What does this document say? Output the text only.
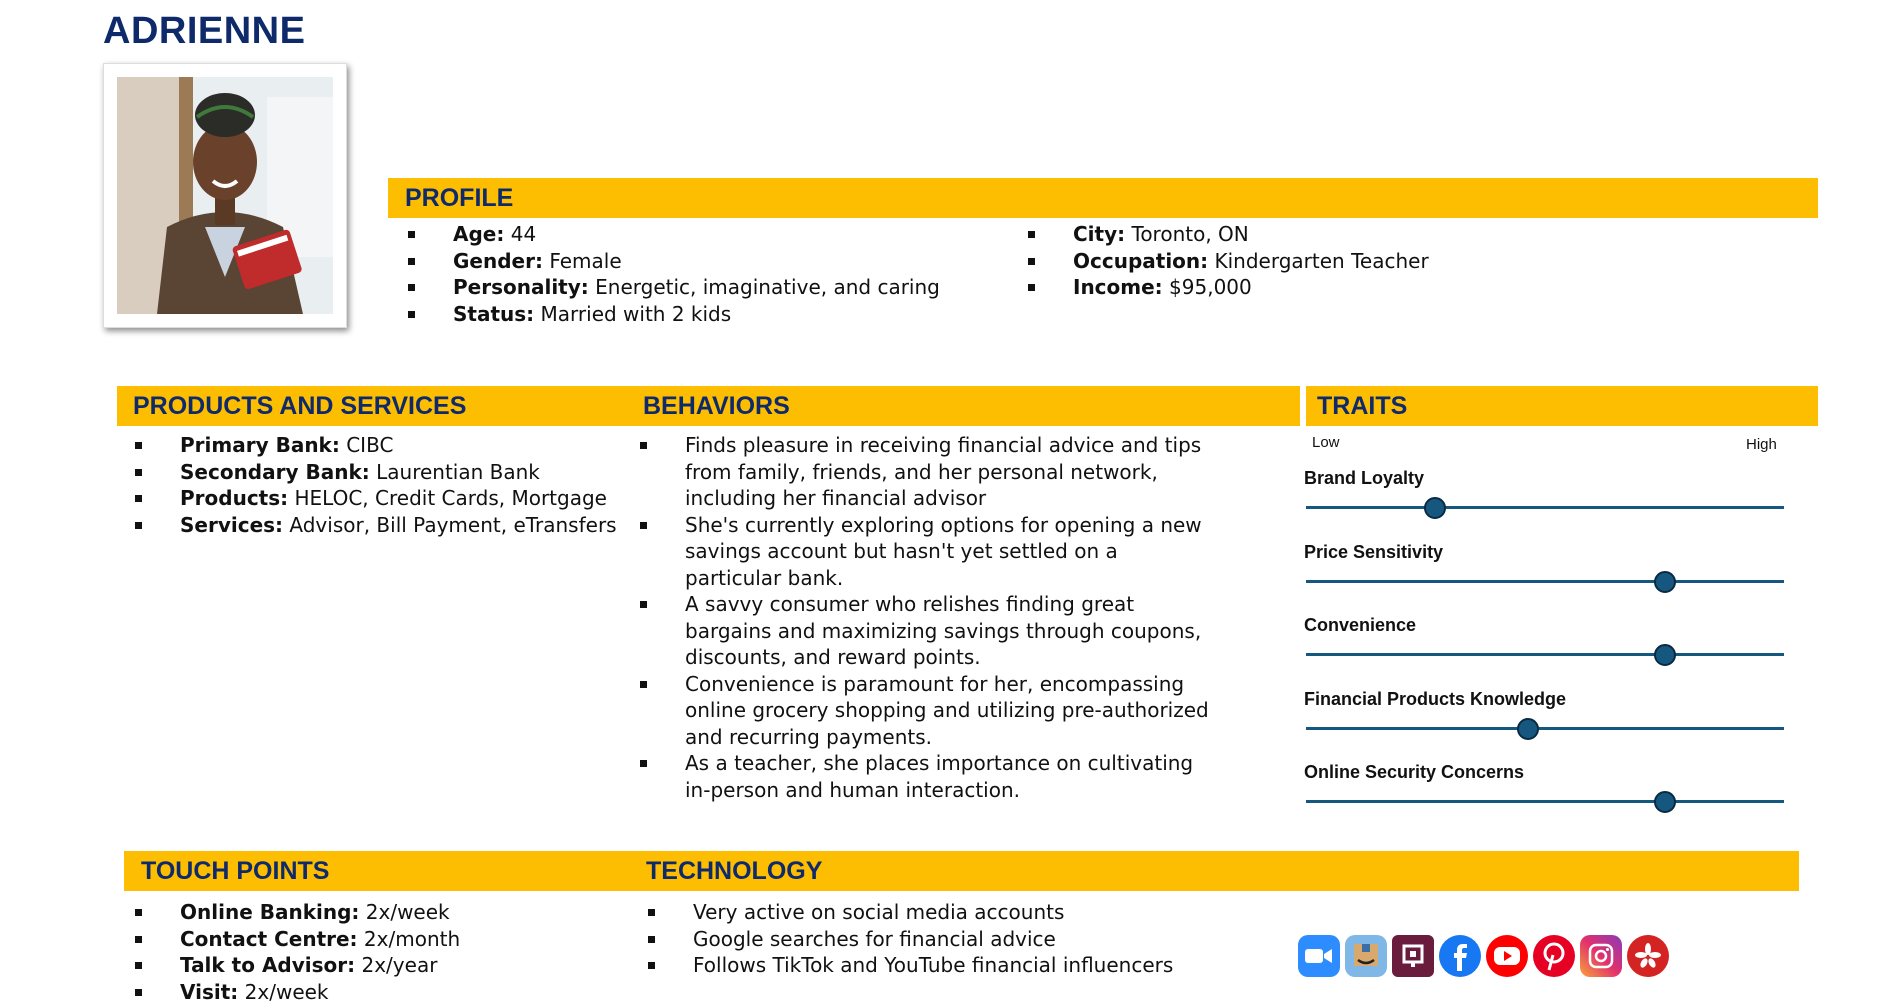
ADRIENNE
PROFILE
Age: 44
Gender: Female
Personality: Energetic, imaginative, and caring
Status: Married with 2 kids
City: Toronto, ON
Occupation: Kindergarten Teacher
Income: $95,000
PRODUCTS AND SERVICES	BEHAVIORS	TRAITS
Primary Bank: CIBC
Secondary Bank: Laurentian Bank
Products: HELOC, Credit Cards, Mortgage
Services: Advisor, Bill Payment, eTransfers
Finds pleasure in receiving financial advice and tips from family, friends, and her personal network, including her financial advisor
She's currently exploring options for opening a new savings account but hasn't yet settled on a particular bank.
A savvy consumer who relishes finding great bargains and maximizing savings through coupons, discounts, and reward points.
Convenience is paramount for her, encompassing online grocery shopping and utilizing pre-authorized and recurring payments.
As a teacher, she places importance on cultivating in-person and human interaction.
Low	High
Brand Loyalty
Price Sensitivity
Convenience
Financial Products Knowledge
Online Security Concerns
TOUCH POINTS	TECHNOLOGY
Online Banking: 2x/week
Contact Centre: 2x/month
Talk to Advisor: 2x/year
Visit: 2x/week
Very active on social media accounts
Google searches for financial advice
Follows TikTok and YouTube financial influencers
